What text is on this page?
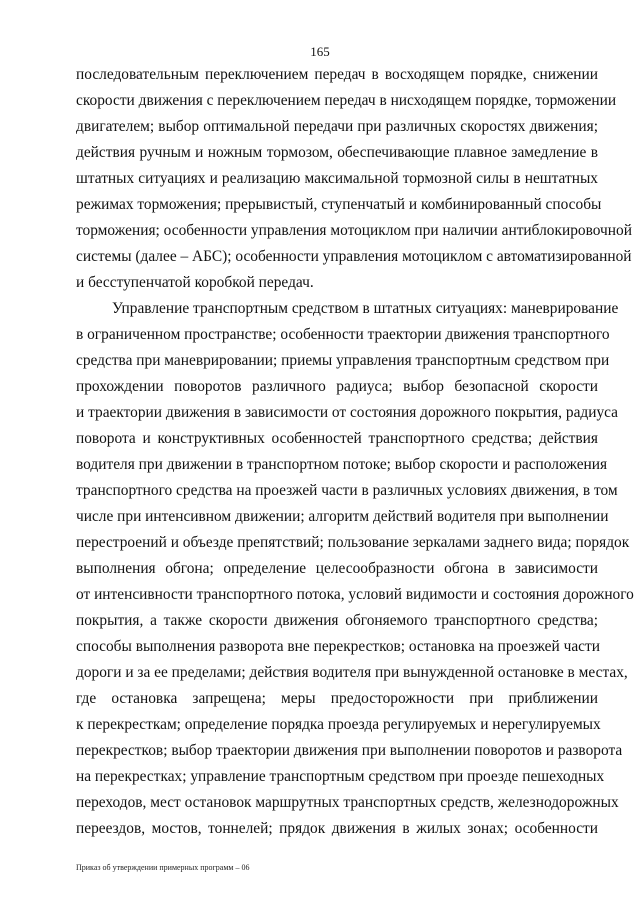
165
последовательным переключением передач в восходящем порядке, снижении
скорости движения с переключением передач в нисходящем порядке, торможении
двигателем; выбор оптимальной передачи при различных скоростях движения;
действия ручным и ножным тормозом, обеспечивающие плавное замедление в
штатных ситуациях и реализацию максимальной тормозной силы в нештатных
режимах торможения; прерывистый, ступенчатый и комбинированный способы
торможения; особенности управления мотоциклом при наличии антиблокировочной
системы (далее – АБС); особенности управления мотоциклом с автоматизированной
и бесступенчатой коробкой передач.
Управление транспортным средством в штатных ситуациях: маневрирование
в ограниченном пространстве; особенности траектории движения транспортного
средства при маневрировании; приемы управления транспортным средством при
прохождении поворотов различного радиуса; выбор безопасной скорости
и траектории движения в зависимости от состояния дорожного покрытия, радиуса
поворота и конструктивных особенностей транспортного средства; действия
водителя при движении в транспортном потоке; выбор скорости и расположения
транспортного средства на проезжей части в различных условиях движения, в том
числе при интенсивном движении; алгоритм действий водителя при выполнении
перестроений и объезде препятствий; пользование зеркалами заднего вида; порядок
выполнения обгона; определение целесообразности обгона в зависимости
от интенсивности транспортного потока, условий видимости и состояния дорожного
покрытия, а также скорости движения обгоняемого транспортного средства;
способы выполнения разворота вне перекрестков; остановка на проезжей части
дороги и за ее пределами; действия водителя при вынужденной остановке в местах,
где остановка запрещена; меры предосторожности при приближении
к перекресткам; определение порядка проезда регулируемых и нерегулируемых
перекрестков; выбор траектории движения при выполнении поворотов и разворота
на перекрестках; управление транспортным средством при проезде пешеходных
переходов, мест остановок маршрутных транспортных средств, железнодорожных
переездов, мостов, тоннелей; прядок движения в жилых зонах; особенности
Приказ об утверждении примерных программ – 06
